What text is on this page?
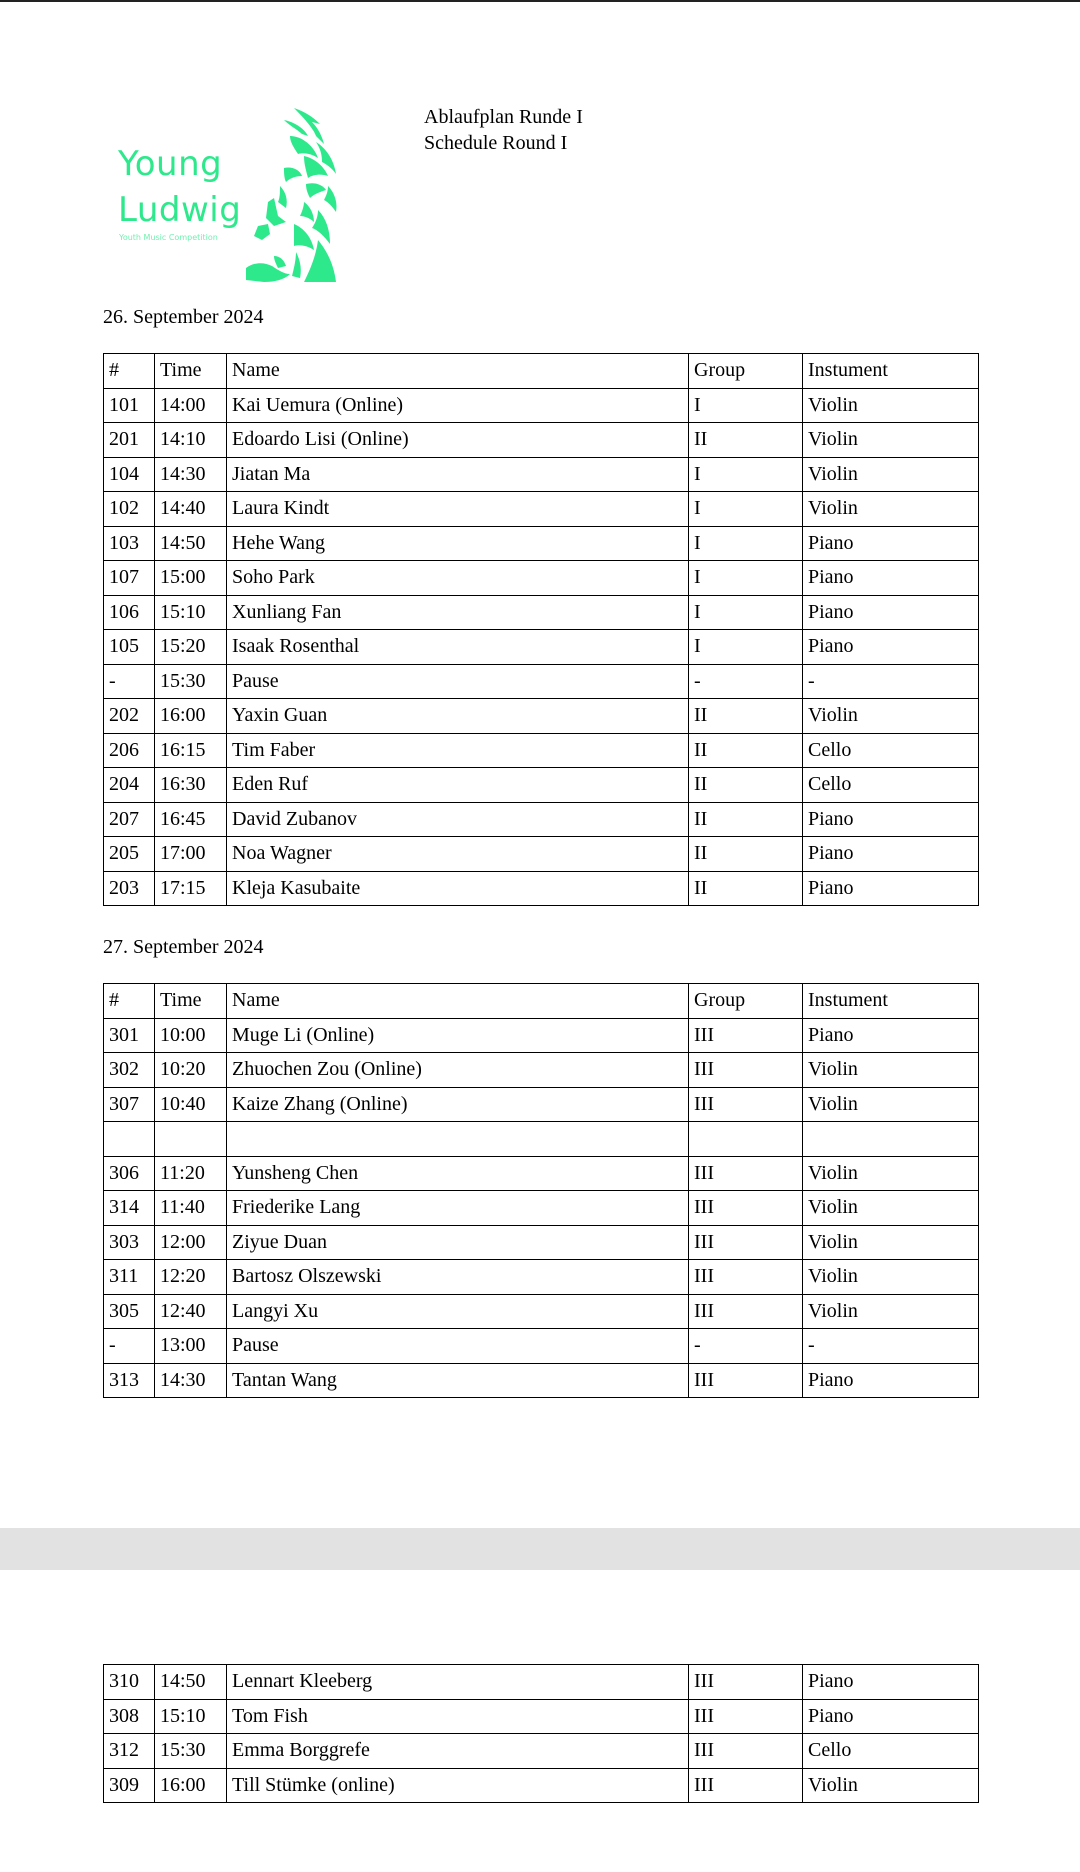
Young
Ludwig
Youth Music Competition
Ablaufplan Runde I
Schedule Round I
26. September 2024
#	Time	Name	Group	Instument
101	14:00	Kai Uemura (Online)	I	Violin
201	14:10	Edoardo Lisi (Online)	II	Violin
104	14:30	Jiatan Ma	I	Violin
102	14:40	Laura Kindt	I	Violin
103	14:50	Hehe Wang	I	Piano
107	15:00	Soho Park	I	Piano
106	15:10	Xunliang Fan	I	Piano
105	15:20	Isaak Rosenthal	I	Piano
-	15:30	Pause	-	-
202	16:00	Yaxin Guan	II	Violin
206	16:15	Tim Faber	II	Cello
204	16:30	Eden Ruf	II	Cello
207	16:45	David Zubanov	II	Piano
205	17:00	Noa Wagner	II	Piano
203	17:15	Kleja Kasubaite	II	Piano
27. September 2024
#	Time	Name	Group	Instument
301	10:00	Muge Li (Online)	III	Piano
302	10:20	Zhuochen Zou (Online)	III	Violin
307	10:40	Kaize Zhang (Online)	III	Violin

306	11:20	Yunsheng Chen	III	Violin
314	11:40	Friederike Lang	III	Violin
303	12:00	Ziyue Duan	III	Violin
311	12:20	Bartosz Olszewski	III	Violin
305	12:40	Langyi Xu	III	Violin
-	13:00	Pause	-	-
313	14:30	Tantan Wang	III	Piano
310	14:50	Lennart Kleeberg	III	Piano
308	15:10	Tom Fish	III	Piano
312	15:30	Emma Borggrefe	III	Cello
309	16:00	Till Stümke (online)	III	Violin
